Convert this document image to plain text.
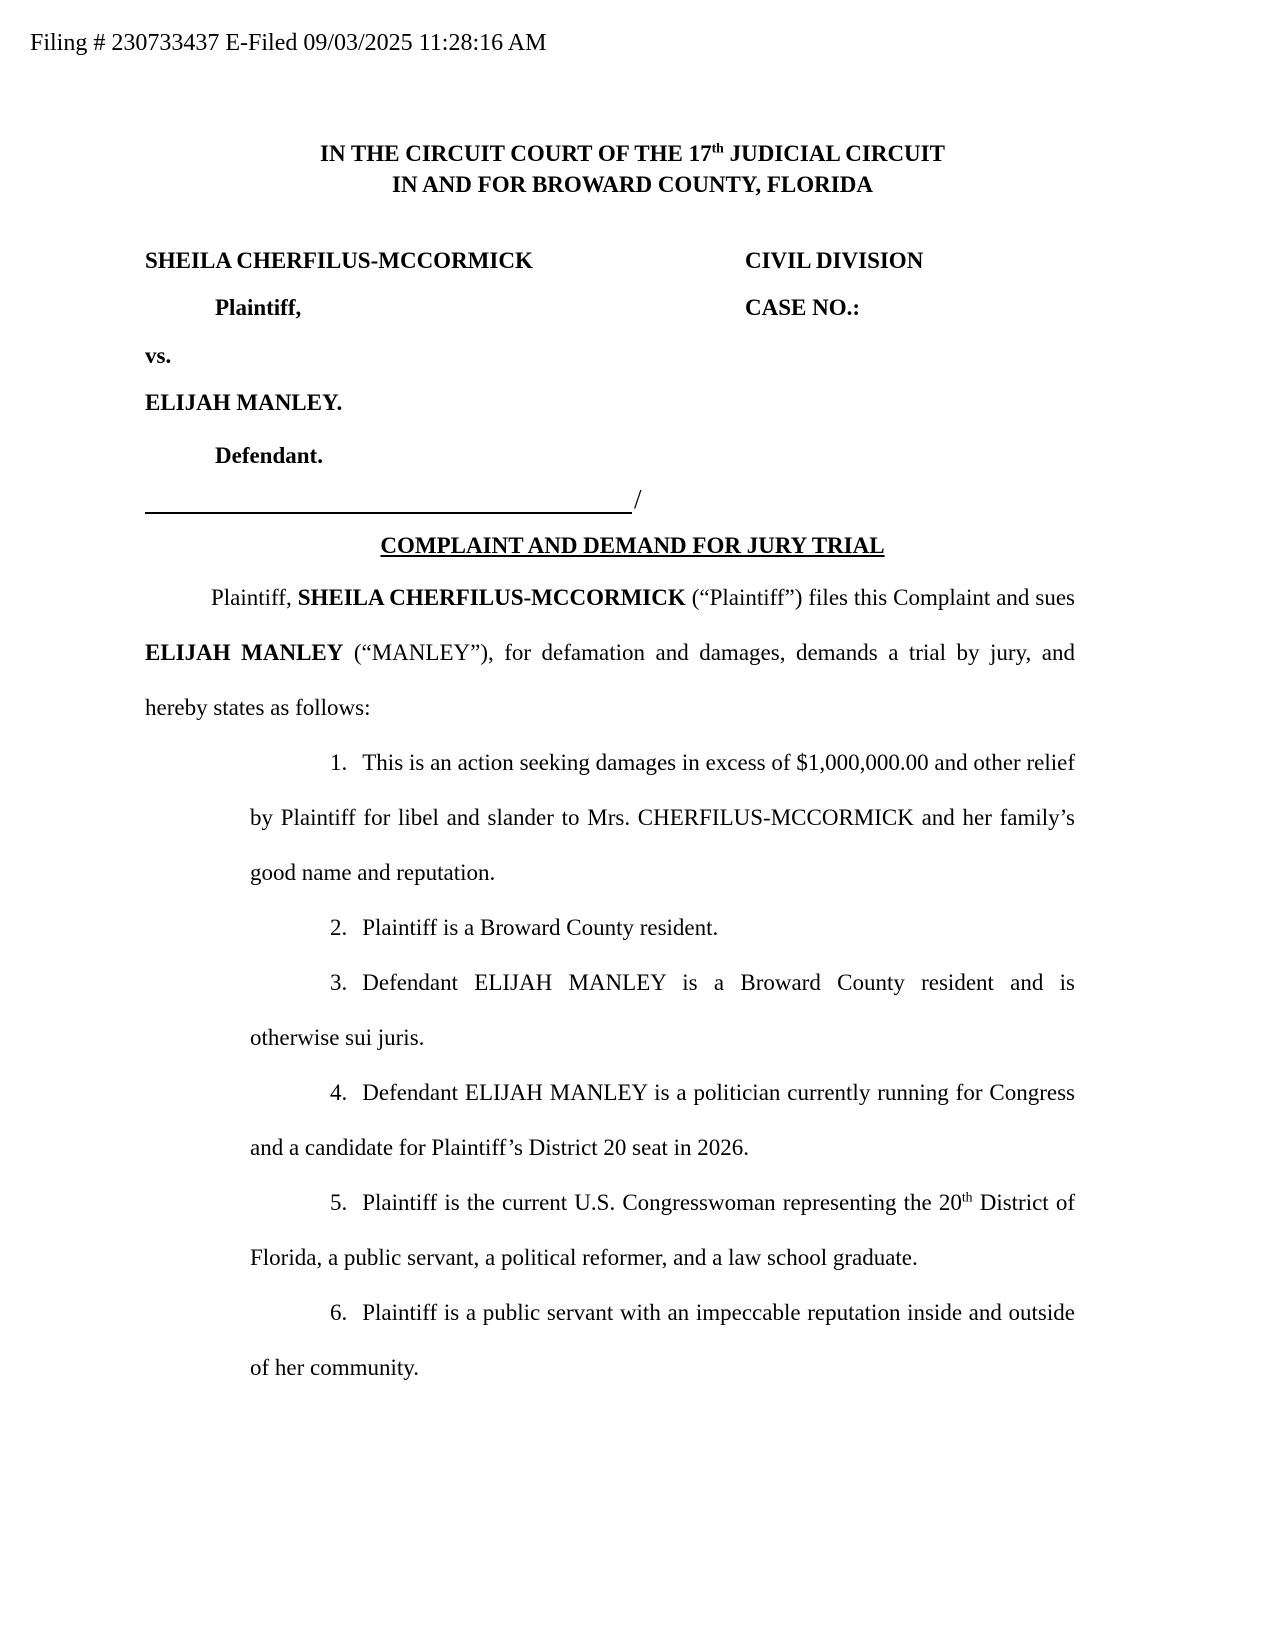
Filing # 230733437 E-Filed 09/03/2025 11:28:16 AM
IN THE CIRCUIT COURT OF THE 17th JUDICIAL CIRCUIT
IN AND FOR BROWARD COUNTY, FLORIDA
SHEILA CHERFILUS-MCCORMICK	CIVIL DIVISION
Plaintiff,	CASE NO.:
vs.
ELIJAH MANLEY.
Defendant.
/
COMPLAINT AND DEMAND FOR JURY TRIAL

Plaintiff, SHEILA CHERFILUS-MCCORMICK (“Plaintiff”) files this Complaint and sues ELIJAH MANLEY (“MANLEY”), for defamation and damages, demands a trial by jury, and hereby states as follows:

1. This is an action seeking damages in excess of $1,000,000.00 and other relief by Plaintiff for libel and slander to Mrs. CHERFILUS-MCCORMICK and her family’s good name and reputation.

2. Plaintiff is a Broward County resident.

3. Defendant ELIJAH MANLEY is a Broward County resident and is otherwise sui juris.

4. Defendant ELIJAH MANLEY is a politician currently running for Congress and a candidate for Plaintiff’s District 20 seat in 2026.

5. Plaintiff is the current U.S. Congresswoman representing the 20th District of Florida, a public servant, a political reformer, and a law school graduate.

6. Plaintiff is a public servant with an impeccable reputation inside and outside of her community.
